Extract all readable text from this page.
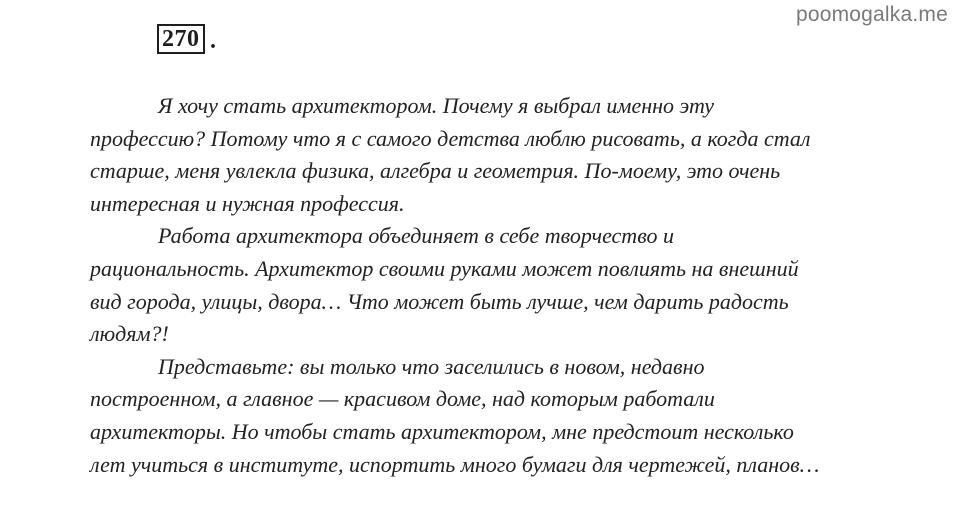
poomogalka.me
270 .
Я хочу стать архитектором. Почему я выбрал именно эту
профессию? Потому что я с самого детства люблю рисовать, а когда стал
старше, меня увлекла физика, алгебра и геометрия. По-моему, это очень
интересная и нужная профессия.
Работа архитектора объединяет в себе творчество и
рациональность. Архитектор своими руками может повлиять на внешний
вид города, улицы, двора… Что может быть лучше, чем дарить радость
людям?!
Представьте: вы только что заселились в новом, недавно
построенном, а главное — красивом доме, над которым работали
архитекторы. Но чтобы стать архитектором, мне предстоит несколько
лет учиться в институте, испортить много бумаги для чертежей, планов…
